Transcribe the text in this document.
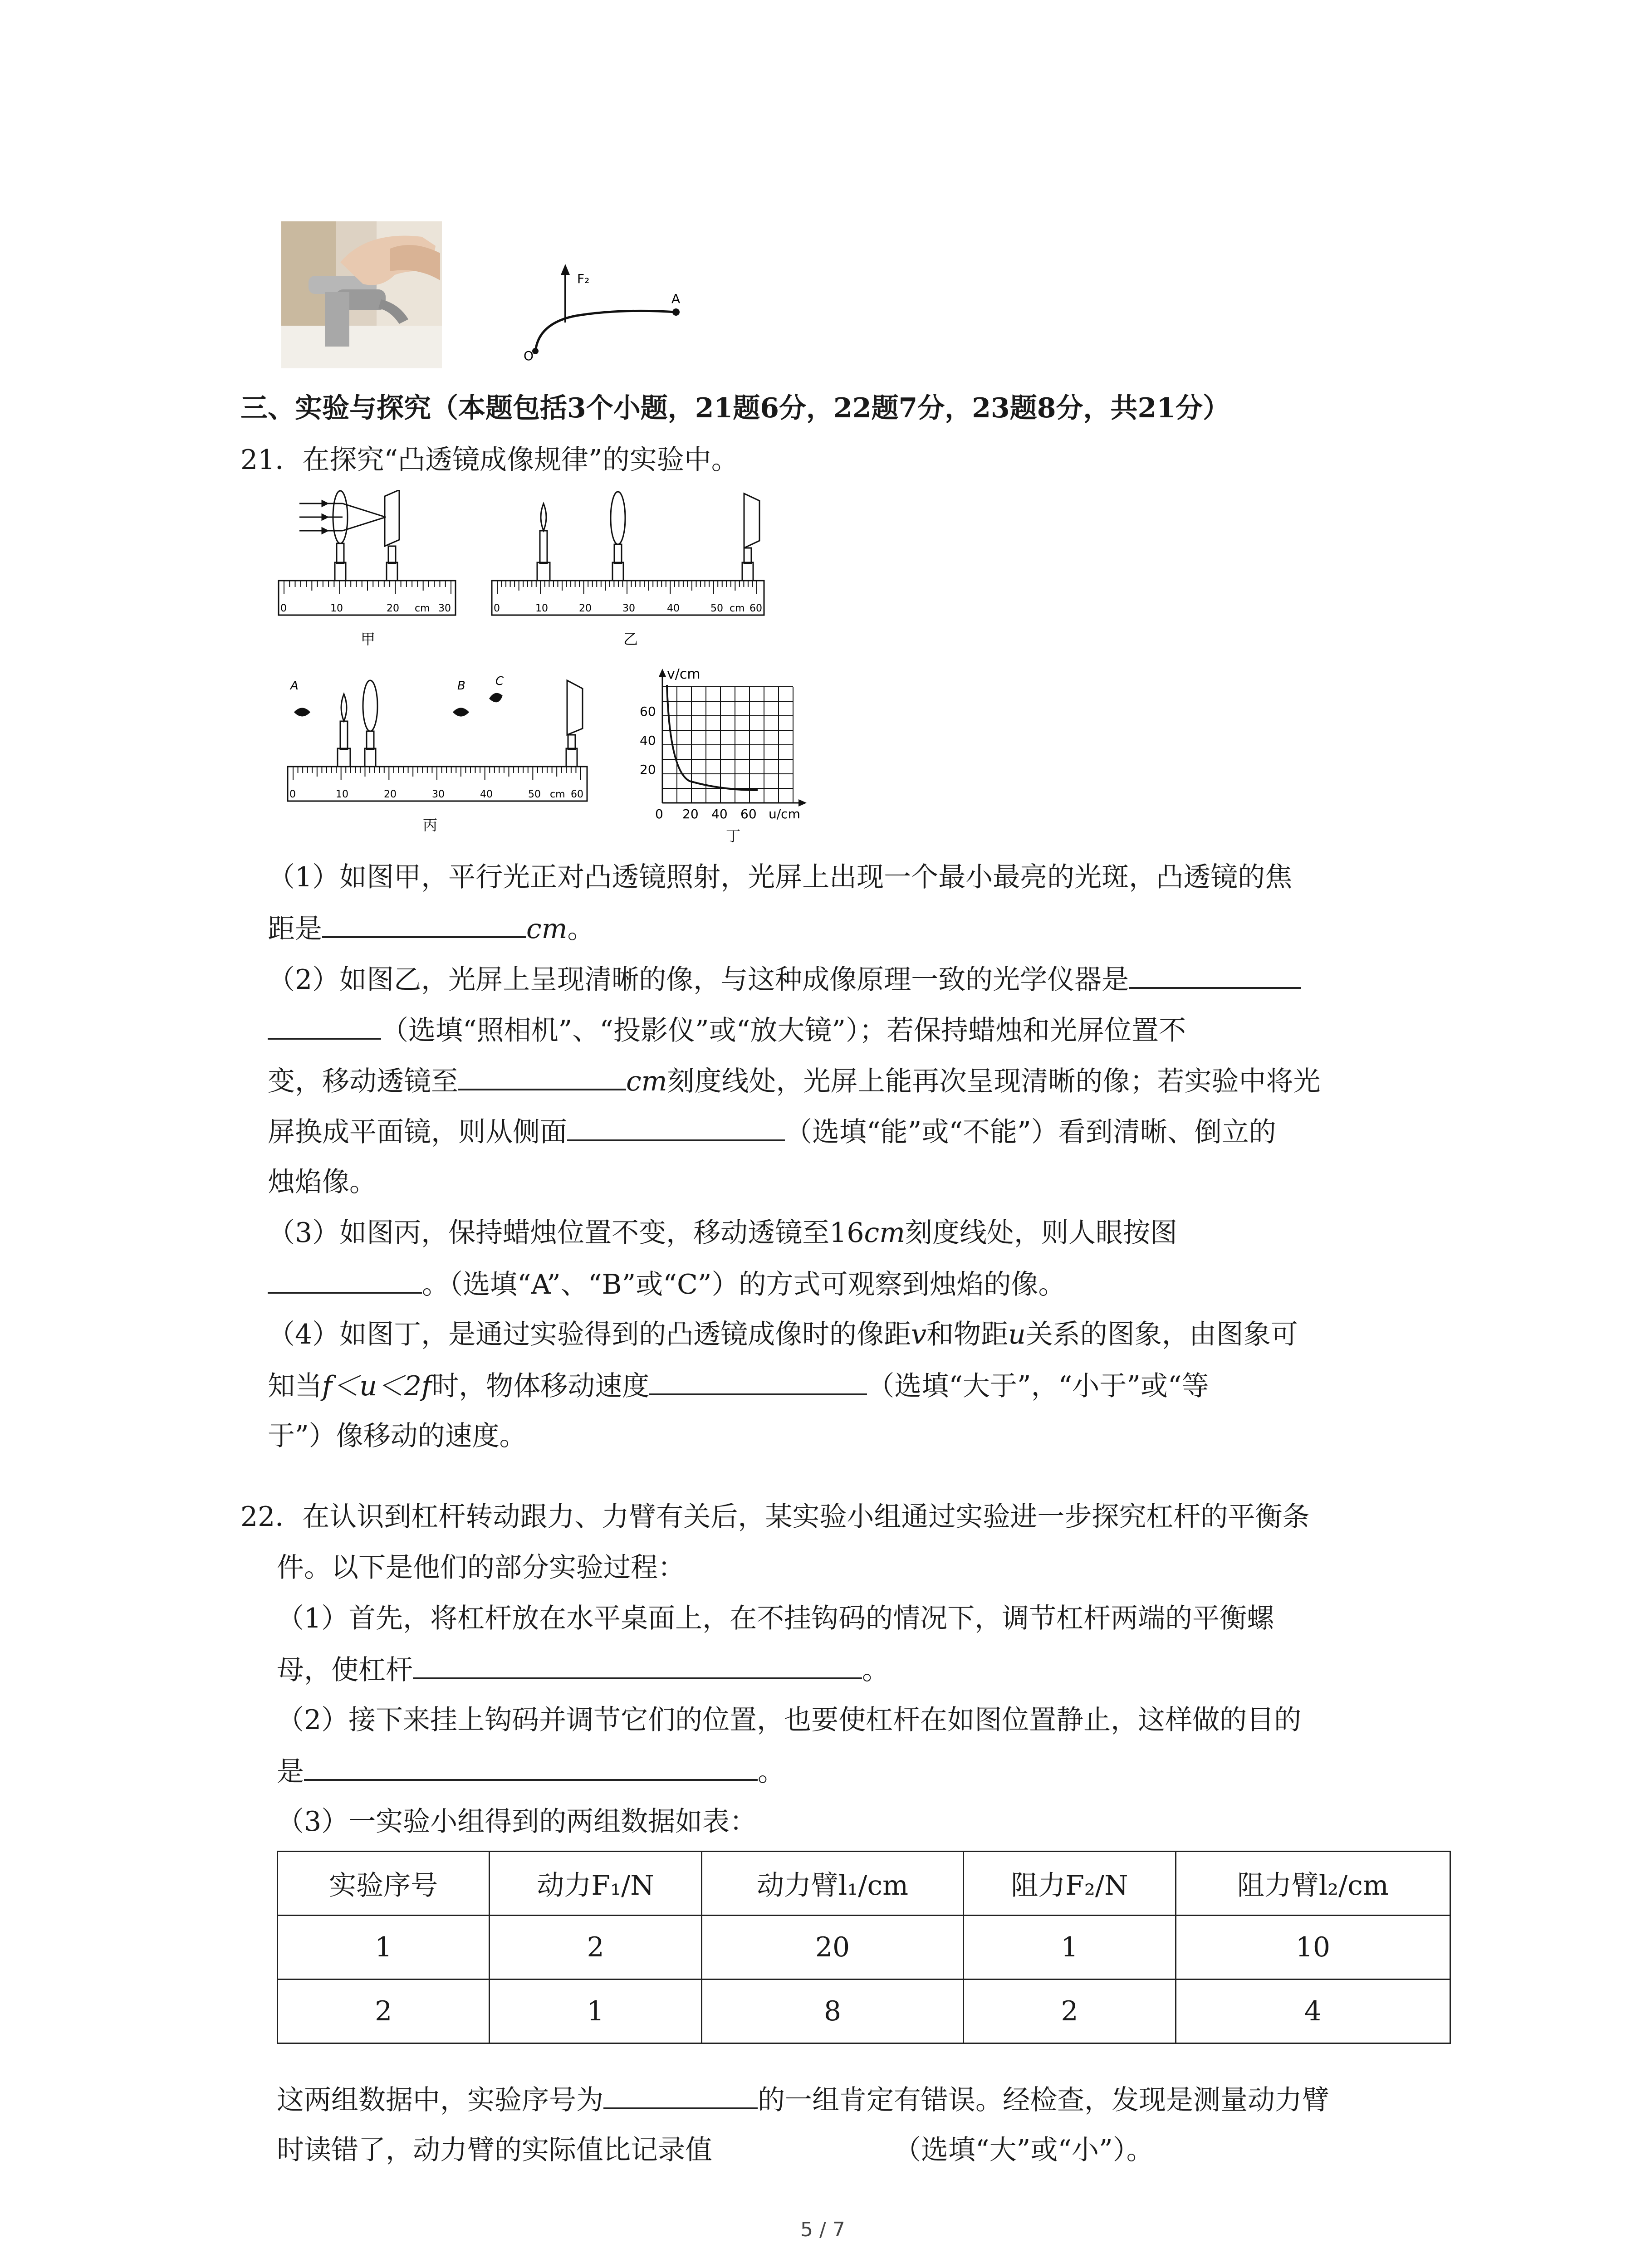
F₂
A
O
三、实验与探究（本题包括3个小题，21题6分，22题7分，23题8分，共21分）
21．在探究“凸透镜成像规律”的实验中。
0	10	20 cm 30
甲
0	10	20	30	40	50 cm 60
乙
A	B	C
0	10	20	30	40	50 cm 60
丙
v/cm
60
40
20
0 20 40 60 u/cm
丁
（1）如图甲，平行光正对凸透镜照射，光屏上出现一个最小最亮的光斑，凸透镜的焦
距是	cm。
（2）如图乙，光屏上呈现清晰的像，与这种成像原理一致的光学仪器是
（选填“照相机”、“投影仪”或“放大镜”）；若保持蜡烛和光屏位置不
变，移动透镜至	cm刻度线处，光屏上能再次呈现清晰的像；若实验中将光
屏换成平面镜，则从侧面	（选填“能”或“不能”）看到清晰、倒立的
烛焰像。
（3）如图丙，保持蜡烛位置不变，移动透镜至16cm刻度线处，则人眼按图
。（选填“A”、“B”或“C”）的方式可观察到烛焰的像。
（4）如图丁，是通过实验得到的凸透镜成像时的像距v和物距u关系的图象，由图象可
知当f＜u＜2f时，物体移动速度	（选填“大于”，“小于”或“等
于”）像移动的速度。
22．在认识到杠杆转动跟力、力臂有关后，某实验小组通过实验进一步探究杠杆的平衡条
件。以下是他们的部分实验过程：
（1）首先，将杠杆放在水平桌面上，在不挂钩码的情况下，调节杠杆两端的平衡螺
母，使杠杆	。
（2）接下来挂上钩码并调节它们的位置，也要使杠杆在如图位置静止，这样做的目的
是	。
（3）一实验小组得到的两组数据如表：
实验序号	动力F₁/N	动力臂l₁/cm	阻力F₂/N	阻力臂l₂/cm
1	2	20	1	10
2	1	8	2	4
这两组数据中，实验序号为	的一组肯定有错误。经检查，发现是测量动力臂
时读错了，动力臂的实际值比记录值	（选填“大”或“小”）。
5 / 7
